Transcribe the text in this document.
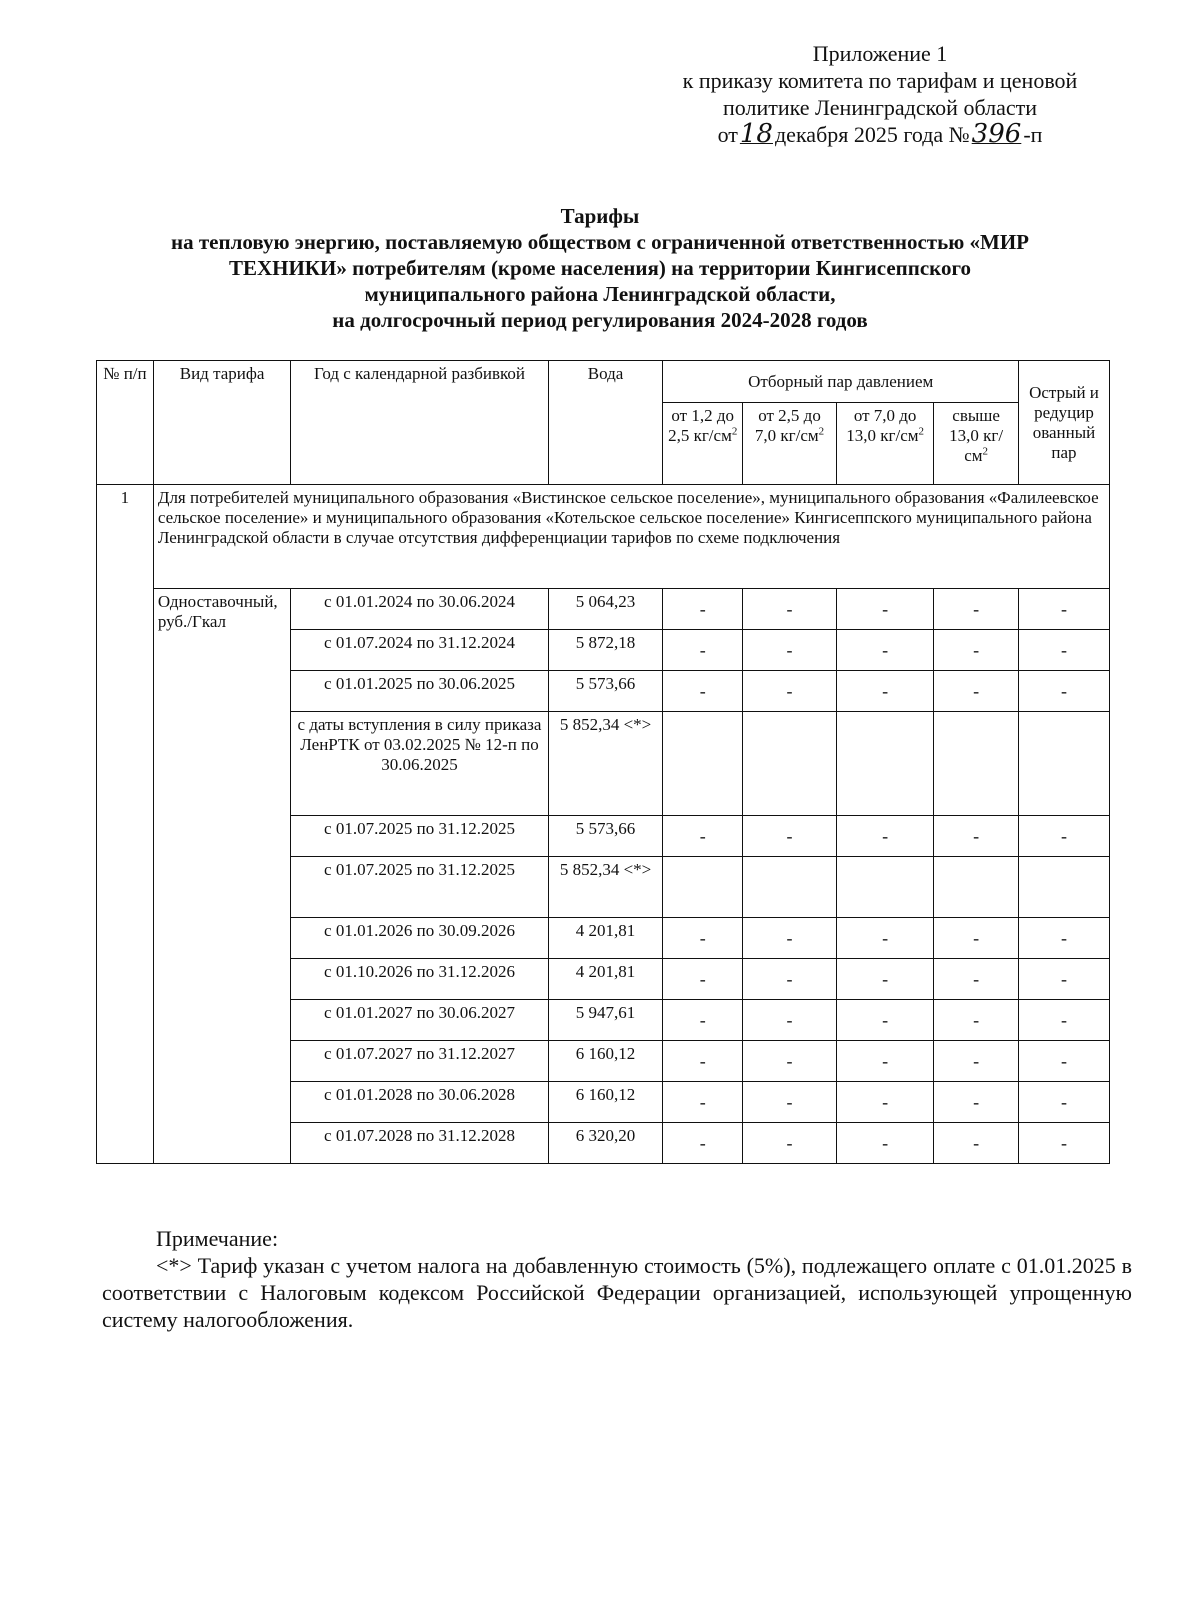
Приложение 1
к приказу комитета по тарифам и ценовой
политике Ленинградской области
от18декабря 2025 года №396-п
Тарифы
на тепловую энергию, поставляемую обществом с ограниченной ответственностью «МИР
ТЕХНИКИ» потребителям (кроме населения) на территории Кингисеппского
муниципального района Ленинградской области,
на долгосрочный период регулирования 2024-2028 годов
№ п/п	Вид тарифа	Год с календарной разбивкой	Вода	Отборный пар давлением				Острый и редуцир ованный пар
				от 1,2 до 2,5 $кг/см^2$	от 2,5 до 7,0 $кг/см^2$	от 7,0 до 13,0 $кг/см^2$	свыше 13,0 $кг/см^2$
1	Для потребителей муниципального образования «Вистинское сельское поселение», муниципального образования «Фалилеевское сельское поселение» и муниципального образования «Котельское сельское поселение» Кингисеппского муниципального района Ленинградской области в случае отсутствия дифференциации тарифов по схеме подключения							
	Одноставочный, руб./Гкал	с 01.01.2024 по 30.06.2024	5 064,23	-	-	-	-	-
		с 01.07.2024 по 31.12.2024	5 872,18	-	-	-	-	-
		с 01.01.2025 по 30.06.2025	5 573,66	-	-	-	-	-
		с даты вступления в силу приказа ЛенРТК от 03.02.2025 № 12-п по 30.06.2025	5 852,34 <*>					
		с 01.07.2025 по 31.12.2025	5 573,66	-	-	-	-	-
		с 01.07.2025 по 31.12.2025	5 852,34 <*>					
		с 01.01.2026 по 30.09.2026	4 201,81	-	-	-	-	-
		с 01.10.2026 по 31.12.2026	4 201,81	-	-	-	-	-
		с 01.01.2027 по 30.06.2027	5 947,61	-	-	-	-	-
		с 01.07.2027 по 31.12.2027	6 160,12	-	-	-	-	-
		с 01.01.2028 по 30.06.2028	6 160,12	-	-	-	-	-
		с 01.07.2028 по 31.12.2028	6 320,20	-	-	-	-	-

Примечание:

<*> Тариф указан с учетом налога на добавленную стоимость (5%), подлежащего оплате с 01.01.2025 в соответствии с Налоговым кодексом Российской Федерации организацией, использующей упрощенную систему налогообложения.
